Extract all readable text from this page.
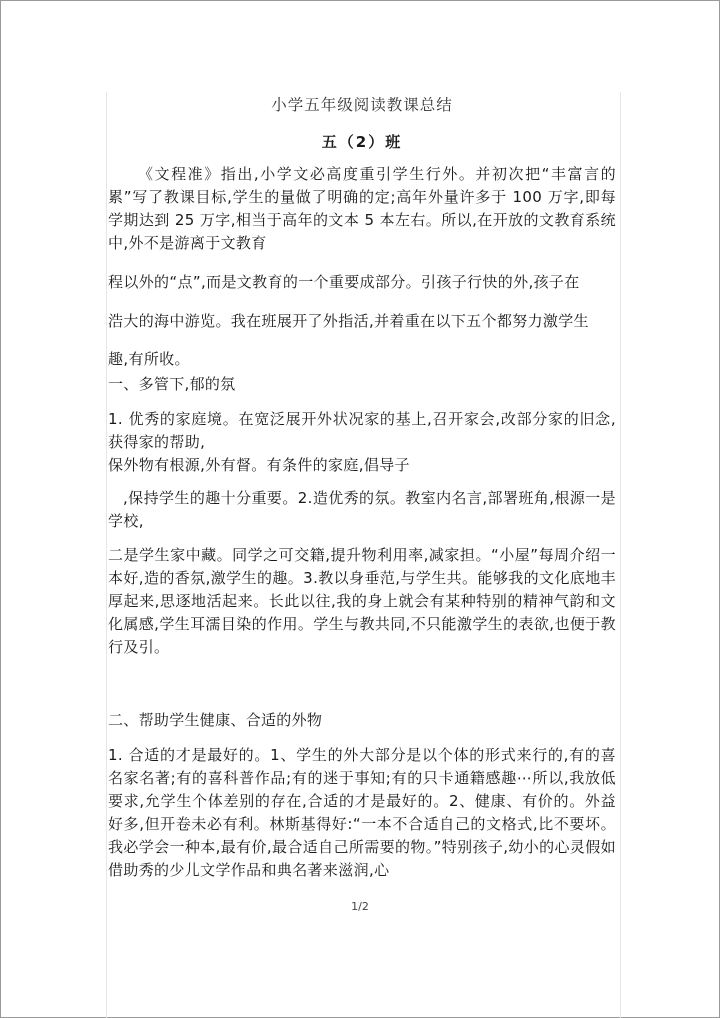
小学五年级阅读教课总结
五（2）班

《文程准》指出,小学文必高度重引学生行外。并初次把“丰富言的累”写了教课目标,学生的量做了明确的定;高年外量许多于 100 万字,即每学期达到 25 万字,相当于高年的文本 5 本左右。所以,在开放的文教育系统中,外不是游离于文教育

程以外的“点”,而是文教育的一个重要成部分。引孩子行快的外,孩子在

浩大的海中游览。我在班展开了外指活,并着重在以下五个都努力激学生

趣,有所收。

一、多管下,郁的氛

1. 优秀的家庭境。在宽泛展开外状况家的基上,召开家会,改部分家的旧念,获得家的帮助,

保外物有根源,外有督。有条件的家庭,倡导子

,保持学生的趣十分重要。2.造优秀的氛。教室内名言,部署班角,根源一是学校,

二是学生家中藏。同学之可交籍,提升物利用率,减家担。“小屋”每周介绍一本好,造的香氛,激学生的趣。3.教以身垂范,与学生共。能够我的文化底地丰厚起来,思逐地活起来。长此以往,我的身上就会有某种特别的精神气韵和文化属感,学生耳濡目染的作用。学生与教共同,不只能激学生的表欲,也便于教行及引。

二、帮助学生健康、合适的外物

1. 合适的才是最好的。1、学生的外大部分是以个体的形式来行的,有的喜名家名著;有的喜科普作品;有的迷于事知;有的只卡通籍感趣⋯所以,我放低要求,允学生个体差别的存在,合适的才是最好的。2、健康、有价的。外益好多,但开卷未必有利。林斯基得好:“一本不合适自己的文格式,比不要坏。我必学会一种本,最有价,最合适自己所需要的物。”特别孩子,幼小的心灵假如借助秀的少儿文学作品和典名著来滋润,心

1/2
